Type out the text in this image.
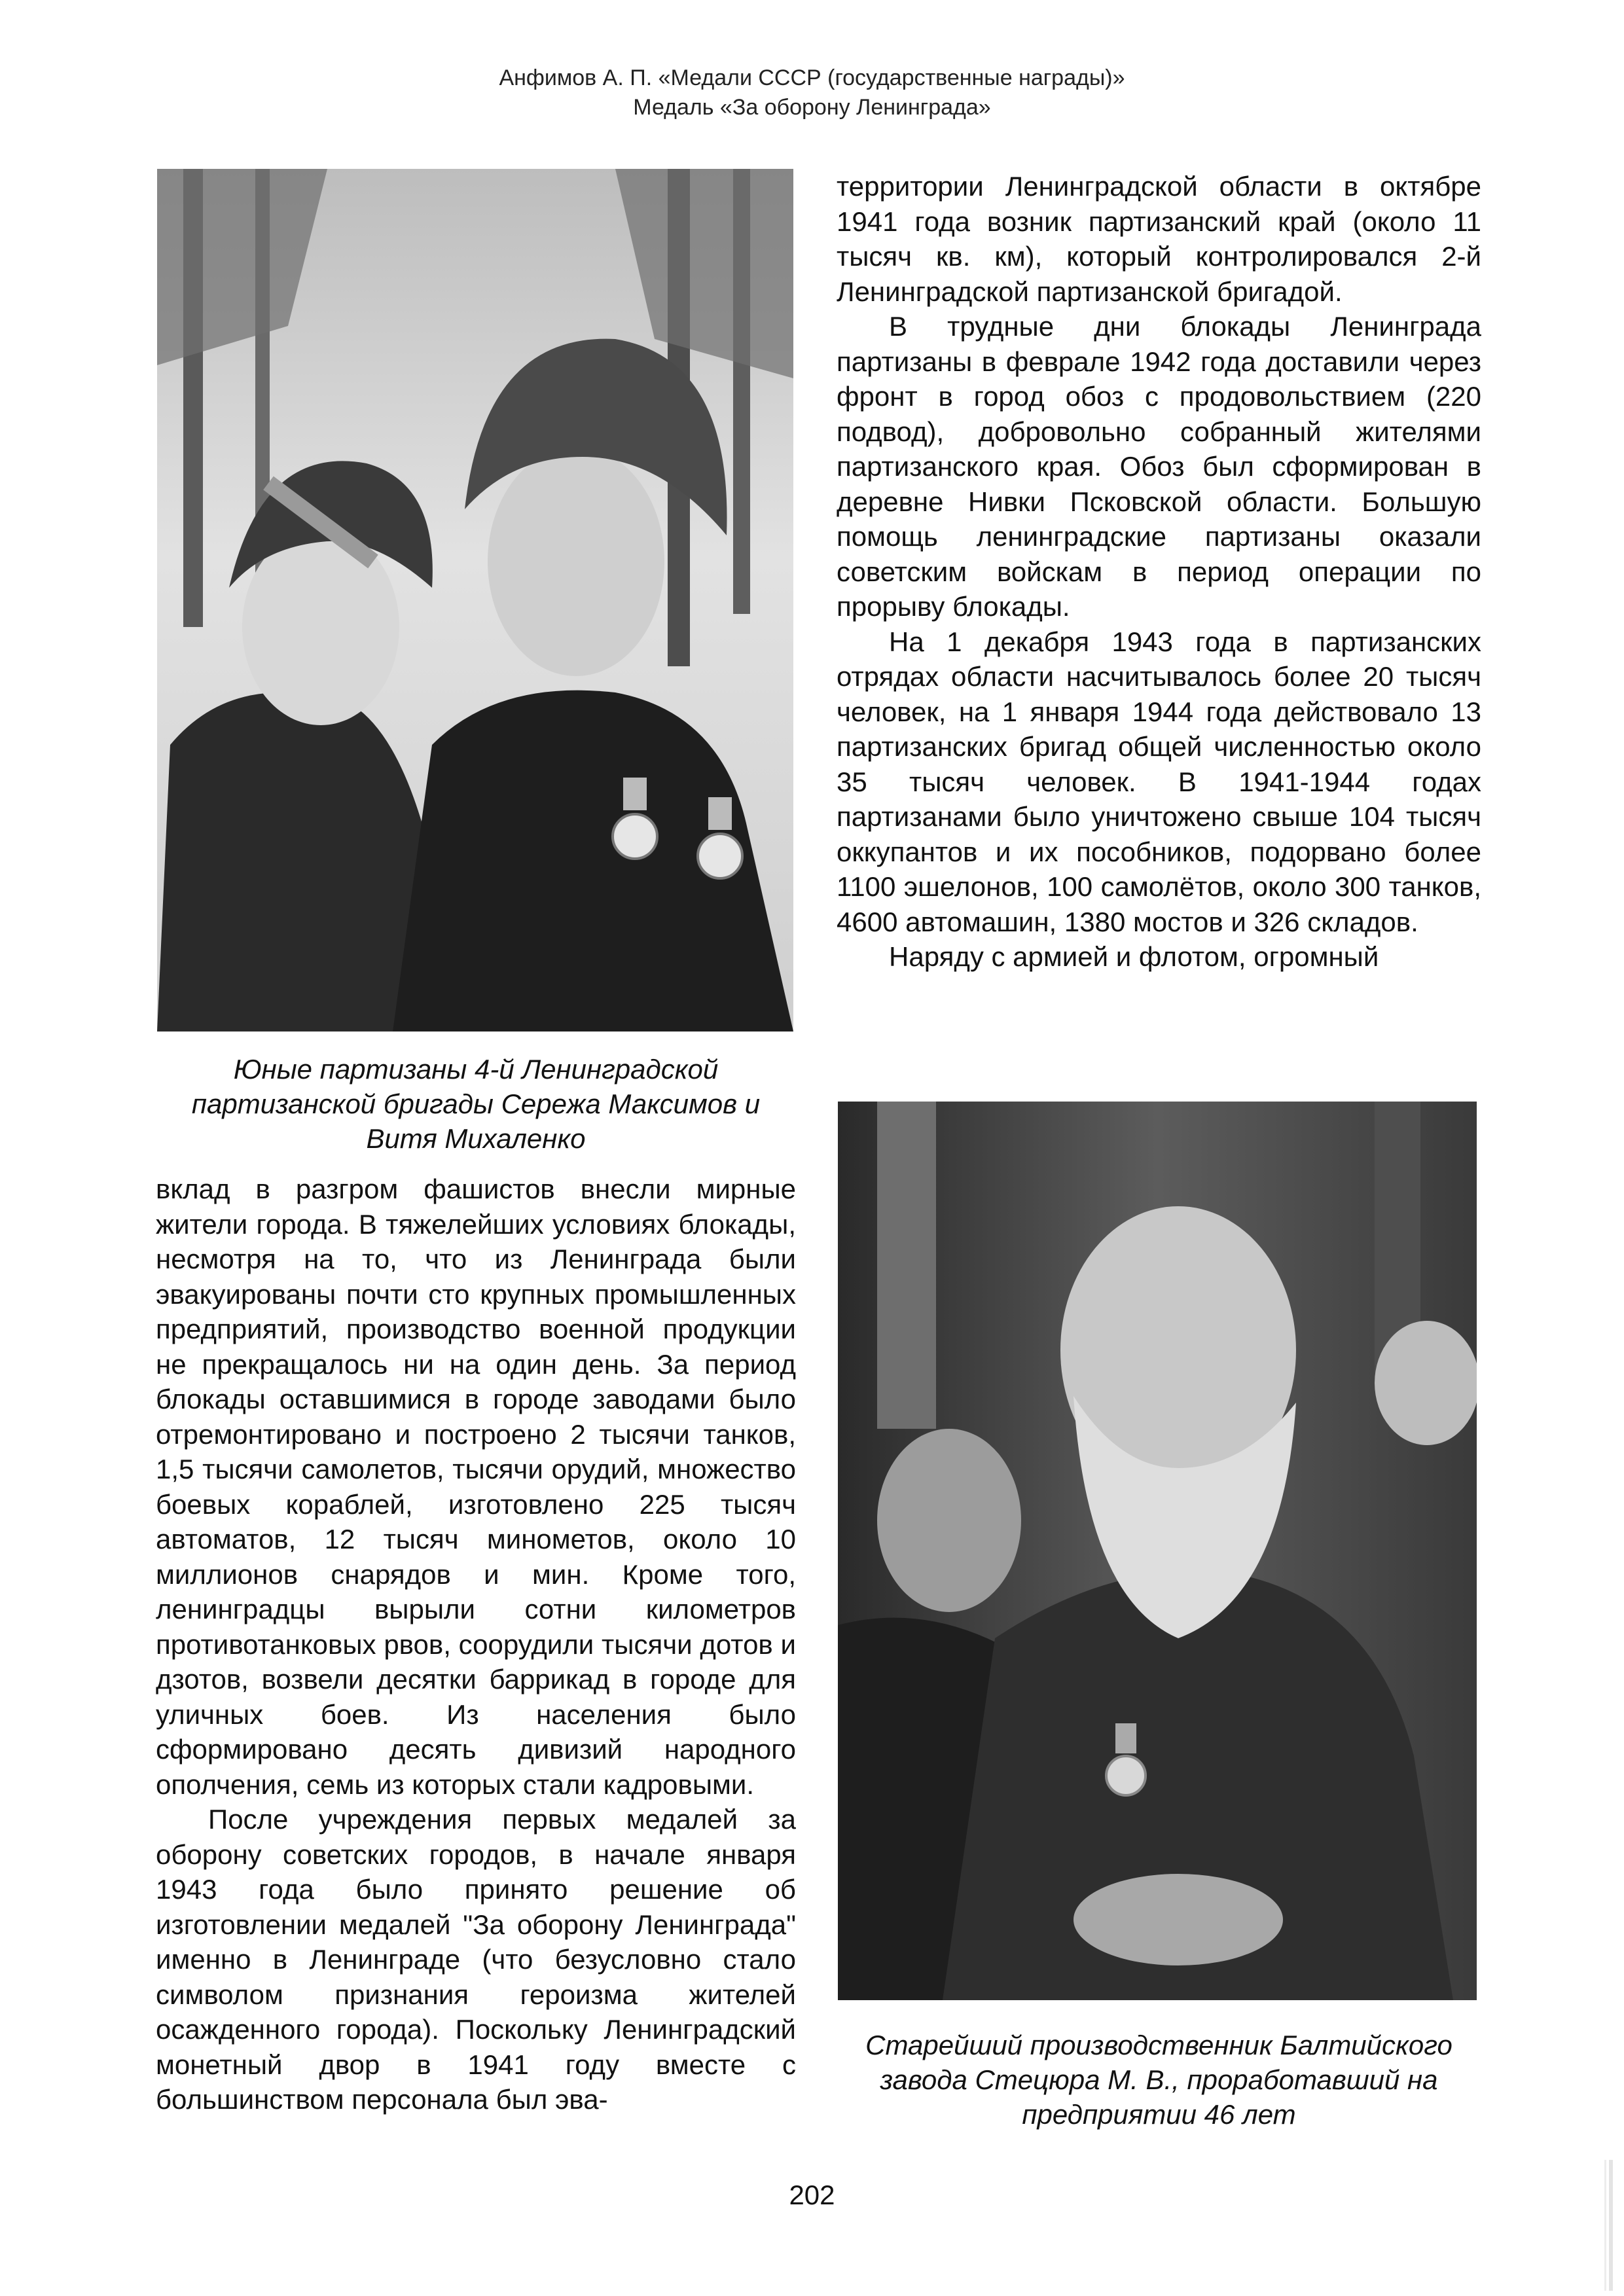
Анфимов А. П. «Медали СССР (государственные награды)»
Медаль «За оборону Ленинграда»
Юные партизаны 4-й Ленинградской партизанской бригады Сережа Максимов и Витя Михаленко

территории Ленинградской области в октябре 1941 года возник партизанский край (около 11 тысяч кв. км), который контролировался 2-й Ленинградской партизанской бригадой.

В трудные дни блокады Ленинграда партизаны в феврале 1942 года доставили через фронт в город обоз с продовольствием (220 подвод), добровольно собранный жителями партизанского края. Обоз был сформирован в деревне Нивки Псковской области. Большую помощь ленинградские партизаны оказали советским войскам в период операции по прорыву блокады.

На 1 декабря 1943 года в партизанских отрядах области насчитывалось более 20 тысяч человек, на 1 января 1944 года действовало 13 партизанских бригад общей численностью около 35 тысяч человек. В 1941-1944 годах партизанами было уничтожено свыше 104 тысяч оккупантов и их пособников, подорвано более 1100 эшелонов, 100 самолётов, около 300 танков, 4600 автомашин, 1380 мостов и 326 складов.

Наряду с армией и флотом, огромный

Старейший производственник Балтийского завода Стецюра М. В., проработавший на предприятии 46 лет

вклад в разгром фашистов внесли мирные жители города. В тяжелейших условиях блокады, несмотря на то, что из Ленинграда были эвакуированы почти сто крупных промышленных предприятий, производство военной продукции не прекращалось ни на один день. За период блокады оставшимися в городе заводами было отремонтировано и построено 2 тысячи танков, 1,5 тысячи самолетов, тысячи орудий, множество боевых кораблей, изготовлено 225 тысяч автоматов, 12 тысяч минометов, около 10 миллионов снарядов и мин. Кроме того, ленинградцы вырыли сотни километров противотанковых рвов, соорудили тысячи дотов и дзотов, возвели десятки баррикад в городе для уличных боев. Из населения было сформировано десять дивизий народного ополчения, семь из которых стали кадровыми.

После учреждения первых медалей за оборону советских городов, в начале января 1943 года было принято решение об изготовлении медалей "За оборону Ленинграда" именно в Ленинграде (что безусловно стало символом признания героизма жителей осажденного города). Поскольку Ленинградский монетный двор в 1941 году вместе с большинством персонала был эва-

202
